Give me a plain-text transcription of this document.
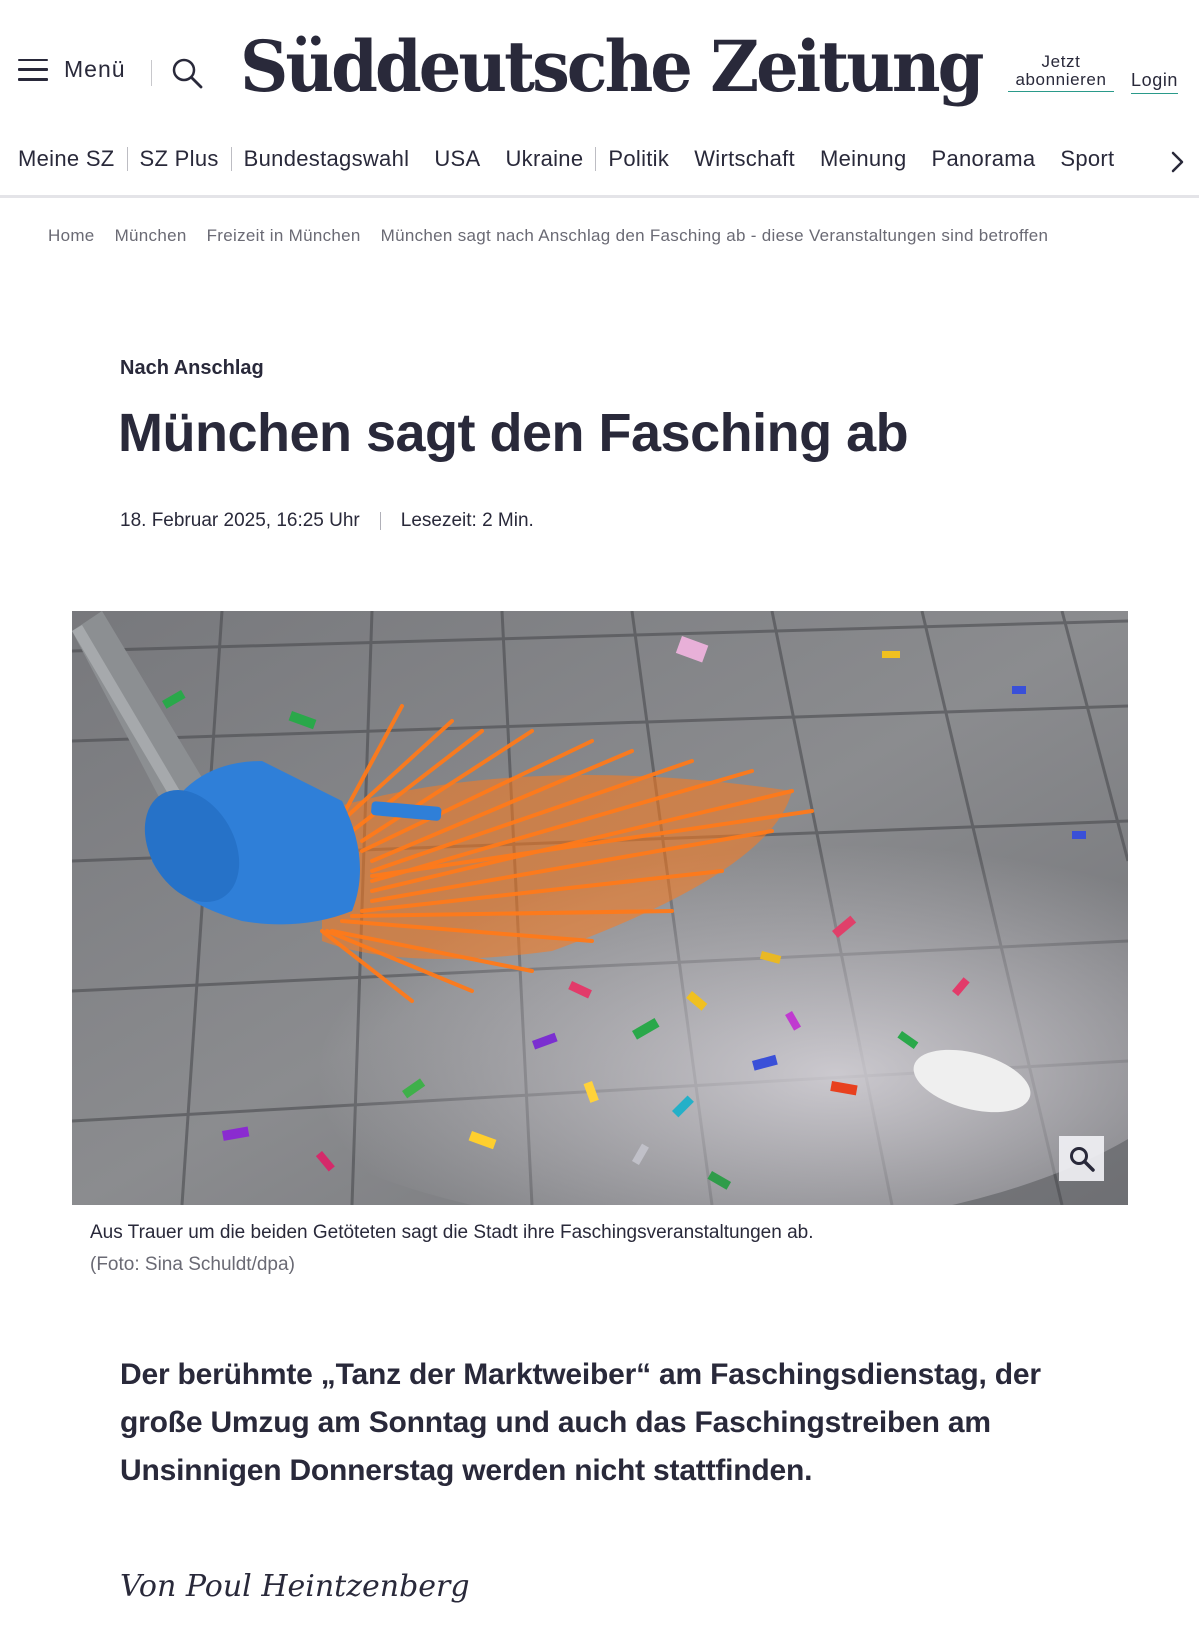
Menü Süddeutsche Zeitung	Jetzt
abonnieren	Login
Meine SZ SZ Plus Bundestagswahl USA Ukraine Politik Wirtschaft Meinung Panorama Sport
Home München Freizeit in München München sagt nach Anschlag den Fasching ab - diese Veranstaltungen sind betroffen
Nach Anschlag
München sagt den Fasching ab
18. Februar 2025, 16:25 Uhr Lesezeit: 2 Min.
Aus Trauer um die beiden Getöteten sagt die Stadt ihre Faschingsveranstaltungen ab.
(Foto: Sina Schuldt/dpa)

Der berühmte „Tanz der Marktweiber“ am Faschingsdienstag, der große Umzug am Sonntag und auch das Faschingstreiben am Unsinnigen Donnerstag werden nicht stattfinden.

Von Poul Heintzenberg
